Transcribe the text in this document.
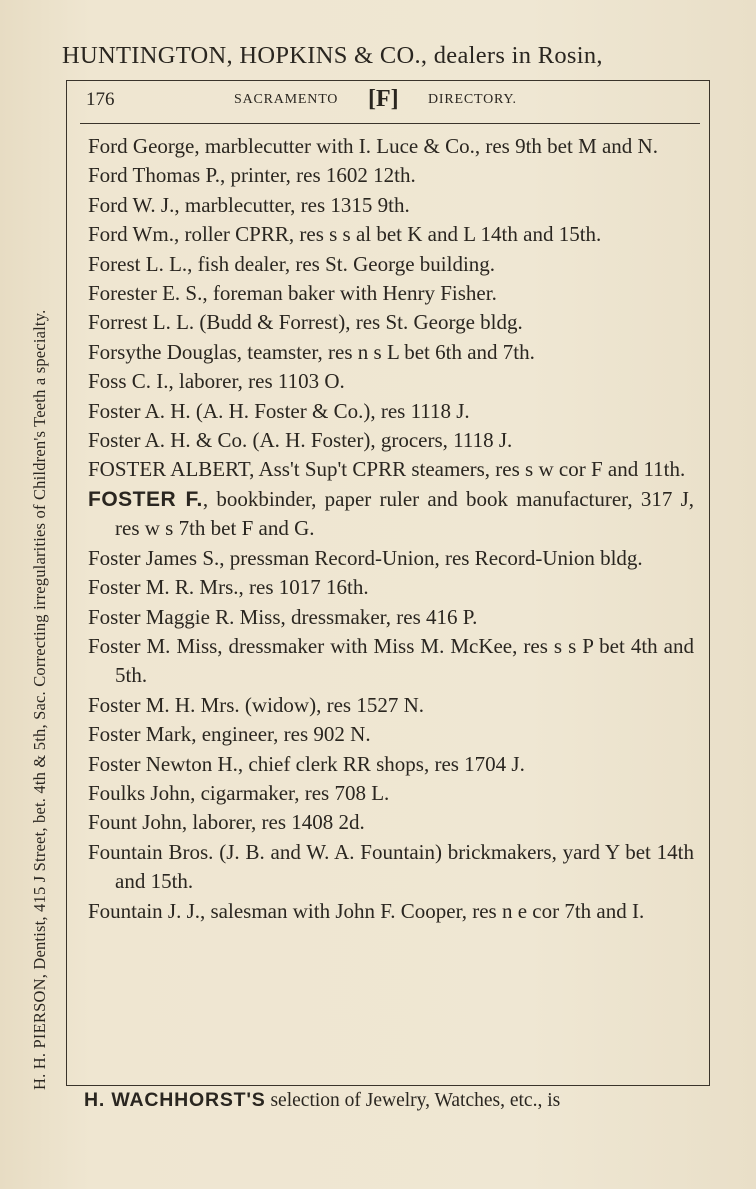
HUNTINGTON, HOPKINS & CO., dealers in Rosin,
H. H. PIERSON, Dentist, 415 J Street, bet. 4th & 5th, Sac. Correcting irregularities of Children's Teeth a specialty.
176	SACRAMENTO [F] DIRECTORY.
Ford George, marblecutter with I. Luce & Co., res 9th bet M and N.
Ford Thomas P., printer, res 1602 12th.
Ford W. J., marblecutter, res 1315 9th.
Ford Wm., roller CPRR, res s s al bet K and L 14th and 15th.
Forest L. L., fish dealer, res St. George building.
Forester E. S., foreman baker with Henry Fisher.
Forrest L. L. (Budd & Forrest), res St. George bldg.
Forsythe Douglas, teamster, res n s L bet 6th and 7th.
Foss C. I., laborer, res 1103 O.
Foster A. H. (A. H. Foster & Co.), res 1118 J.
Foster A. H. & Co. (A. H. Foster), grocers, 1118 J.
FOSTER ALBERT, Ass't Sup't CPRR steamers, res s w cor F and 11th.
FOSTER F., bookbinder, paper ruler and book manufacturer, 317 J, res w s 7th bet F and G.
Foster James S., pressman Record-Union, res Record-Union bldg.
Foster M. R. Mrs., res 1017 16th.
Foster Maggie R. Miss, dressmaker, res 416 P.
Foster M. Miss, dressmaker with Miss M. McKee, res s s P bet 4th and 5th.
Foster M. H. Mrs. (widow), res 1527 N.
Foster Mark, engineer, res 902 N.
Foster Newton H., chief clerk RR shops, res 1704 J.
Foulks John, cigarmaker, res 708 L.
Fount John, laborer, res 1408 2d.
Fountain Bros. (J. B. and W. A. Fountain) brickmakers, yard Y bet 14th and 15th.
Fountain J. J., salesman with John F. Cooper, res n e cor 7th and I.
H. WACHHORST'S selection of Jewelry, Watches, etc., is
